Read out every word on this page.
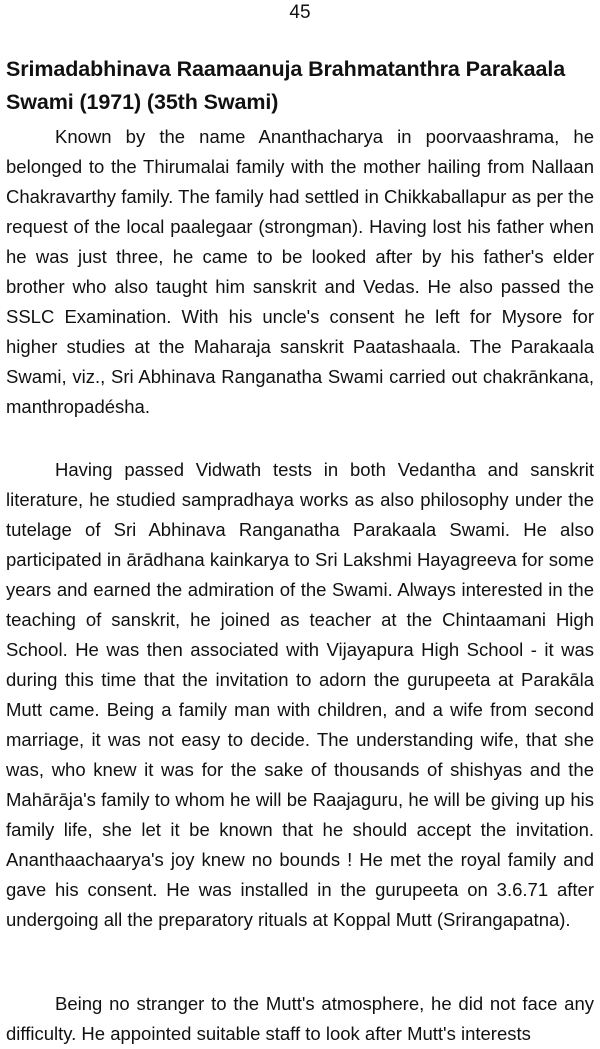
45
Srimadabhinava Raamaanuja Brahmatanthra Parakaala Swami (1971) (35th Swami)

Known by the name Ananthacharya in poorvaashrama, he belonged to the Thirumalai family with the mother hailing from Nallaan Chakravarthy family. The family had settled in Chikkaballapur as per the request of the local paalegaar (strongman). Having lost his father when he was just three, he came to be looked after by his father's elder brother who also taught him sanskrit and Vedas. He also passed the SSLC Examination. With his uncle's consent he left for Mysore for higher studies at the Maharaja sanskrit Paatashaala. The Parakaala Swami, viz., Sri Abhinava Ranganatha Swami carried out chakrānkana, manthropadésha.

Having passed Vidwath tests in both Vedantha and sanskrit literature, he studied sampradhaya works as also philosophy under the tutelage of Sri Abhinava Ranganatha Parakaala Swami. He also participated in ārādhana kainkarya to Sri Lakshmi Hayagreeva for some years and earned the admiration of the Swami. Always interested in the teaching of sanskrit, he joined as teacher at the Chintaamani High School. He was then associated with Vijayapura High School - it was during this time that the invitation to adorn the gurupeeta at Parakāla Mutt came. Being a family man with children, and a wife from second marriage, it was not easy to decide. The understanding wife, that she was, who knew it was for the sake of thousands of shishyas and the Mahārāja's family to whom he will be Raajaguru, he will be giving up his family life, she let it be known that he should accept the invitation. Ananthaachaarya's joy knew no bounds ! He met the royal family and gave his consent. He was installed in the gurupeeta on 3.6.71 after undergoing all the preparatory rituals at Koppal Mutt (Srirangapatna).

Being no stranger to the Mutt's atmosphere, he did not face any difficulty. He appointed suitable staff to look after Mutt's interests
